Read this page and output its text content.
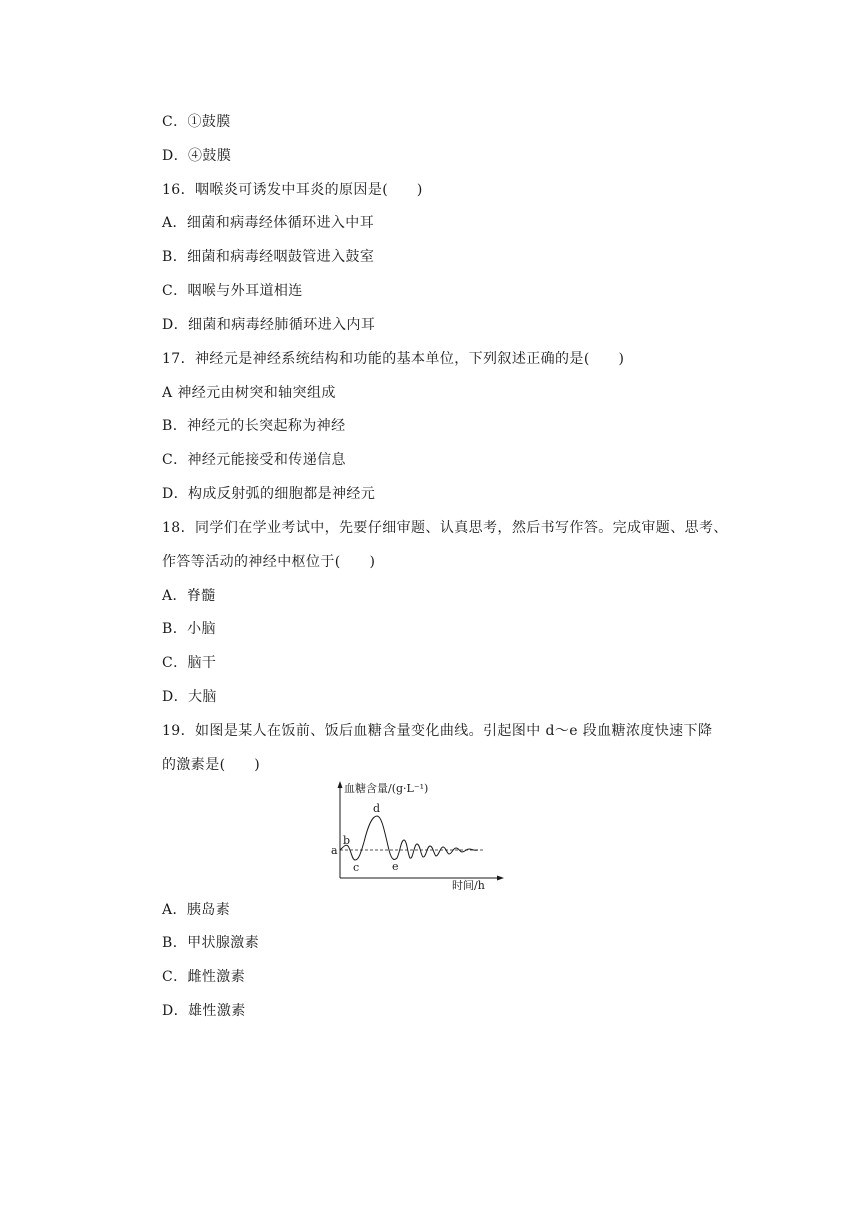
C．①鼓膜
D．④鼓膜
16．咽喉炎可诱发中耳炎的原因是(　　)
A．细菌和病毒经体循环进入中耳
B．细菌和病毒经咽鼓管进入鼓室
C．咽喉与外耳道相连
D．细菌和病毒经肺循环进入内耳
17．神经元是神经系统结构和功能的基本单位，下列叙述正确的是(　　)
A 神经元由树突和轴突组成
B．神经元的长突起称为神经
C．神经元能接受和传递信息
D．构成反射弧的细胞都是神经元
18．同学们在学业考试中，先要仔细审题、认真思考，然后书写作答。完成审题、思考、
作答等活动的神经中枢位于(　　)
A．脊髓
B．小脑
C．脑干
D．大脑
19．如图是某人在饭前、饭后血糖含量变化曲线。引起图中 d～e 段血糖浓度快速下降
的激素是(　　)
血糖含量/(g·L⁻¹)
时间/h
a
b
c
d
e
A．胰岛素
B．甲状腺激素
C．雌性激素
D．雄性激素
